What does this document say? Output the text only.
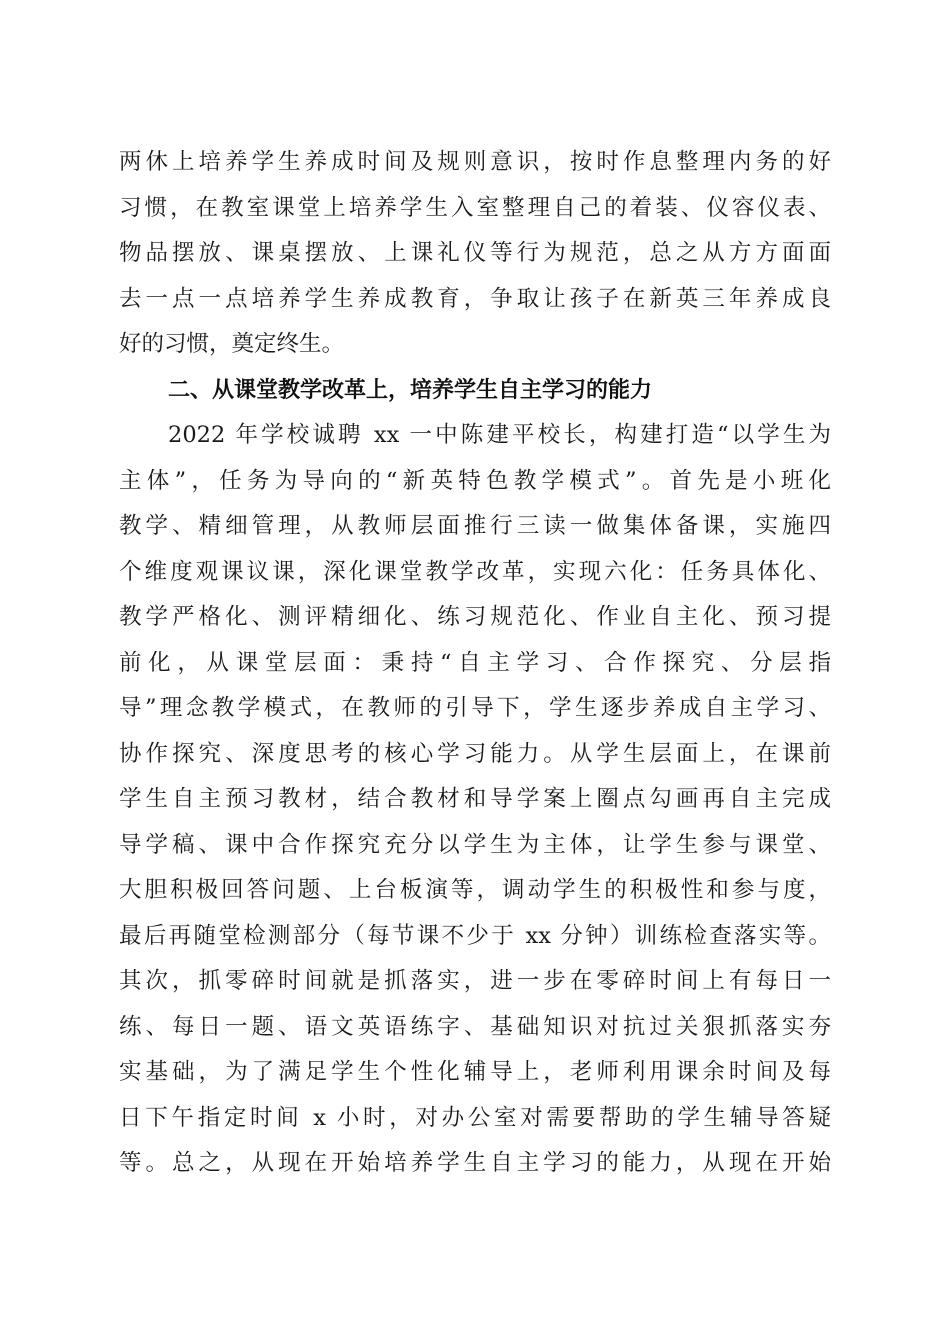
两休上培养学生养成时间及规则意识，按时作息整理内务的好
习惯，在教室课堂上培养学生入室整理自己的着装、仪容仪表、
物品摆放、课桌摆放、上课礼仪等行为规范，总之从方方面面
去一点一点培养学生养成教育，争取让孩子在新英三年养成良
好的习惯，奠定终生。
二、从课堂教学改革上，培养学生自主学习的能力
2022 年学校诚聘 xx 一中陈建平校长，构建打造“以学生为
主体”，任务为导向的“新英特色教学模式”。首先是小班化
教学、精细管理，从教师层面推行三读一做集体备课，实施四
个维度观课议课，深化课堂教学改革，实现六化：任务具体化、
教学严格化、测评精细化、练习规范化、作业自主化、预习提
前化，从课堂层面：秉持“自主学习、合作探究、分层指
导”理念教学模式，在教师的引导下，学生逐步养成自主学习、
协作探究、深度思考的核心学习能力。从学生层面上，在课前
学生自主预习教材，结合教材和导学案上圈点勾画再自主完成
导学稿、课中合作探究充分以学生为主体，让学生参与课堂、
大胆积极回答问题、上台板演等，调动学生的积极性和参与度，
最后再随堂检测部分（每节课不少于 xx 分钟）训练检查落实等。
其次，抓零碎时间就是抓落实，进一步在零碎时间上有每日一
练、每日一题、语文英语练字、基础知识对抗过关狠抓落实夯
实基础，为了满足学生个性化辅导上，老师利用课余时间及每
日下午指定时间 x 小时，对办公室对需要帮助的学生辅导答疑
等。总之，从现在开始培养学生自主学习的能力，从现在开始
